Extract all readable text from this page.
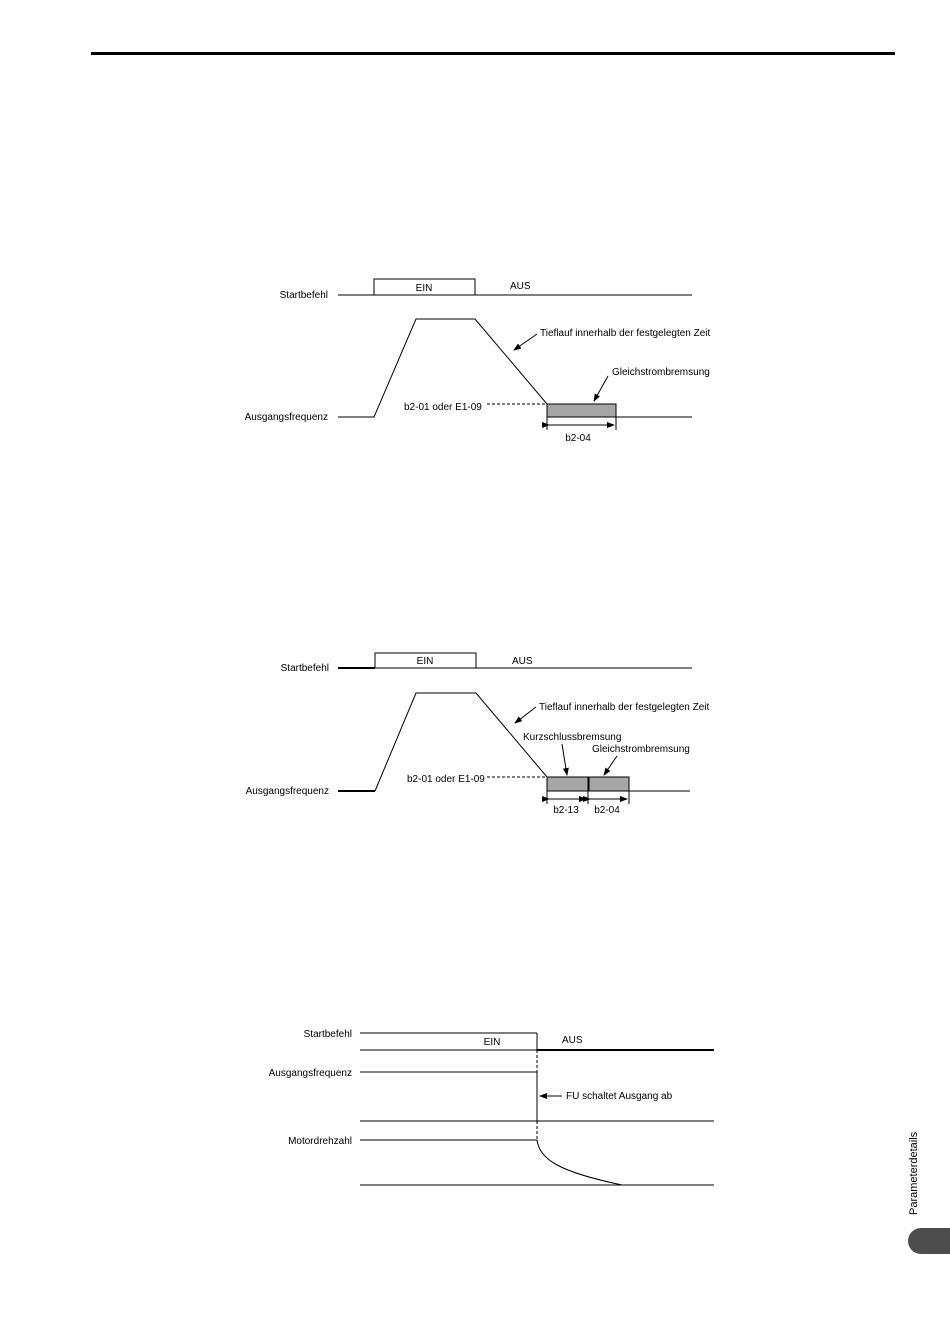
Startbefehl
EIN	AUS
Ausgangsfrequenz
b2-01 oder E1-09
b2-04
Tieflauf innerhalb der festgelegten Zeit
Gleichstrombremsung
Startbefehl
EIN	AUS
Ausgangsfrequenz
b2-01 oder E1-09
b2-13 b2-04
Tieflauf innerhalb der festgelegten Zeit
Kurzschlussbremsung
Gleichstrombremsung
Startbefehl
EIN	AUS
Ausgangsfrequenz
FU schaltet Ausgang ab
Motordrehzahl	Parameterdetails
